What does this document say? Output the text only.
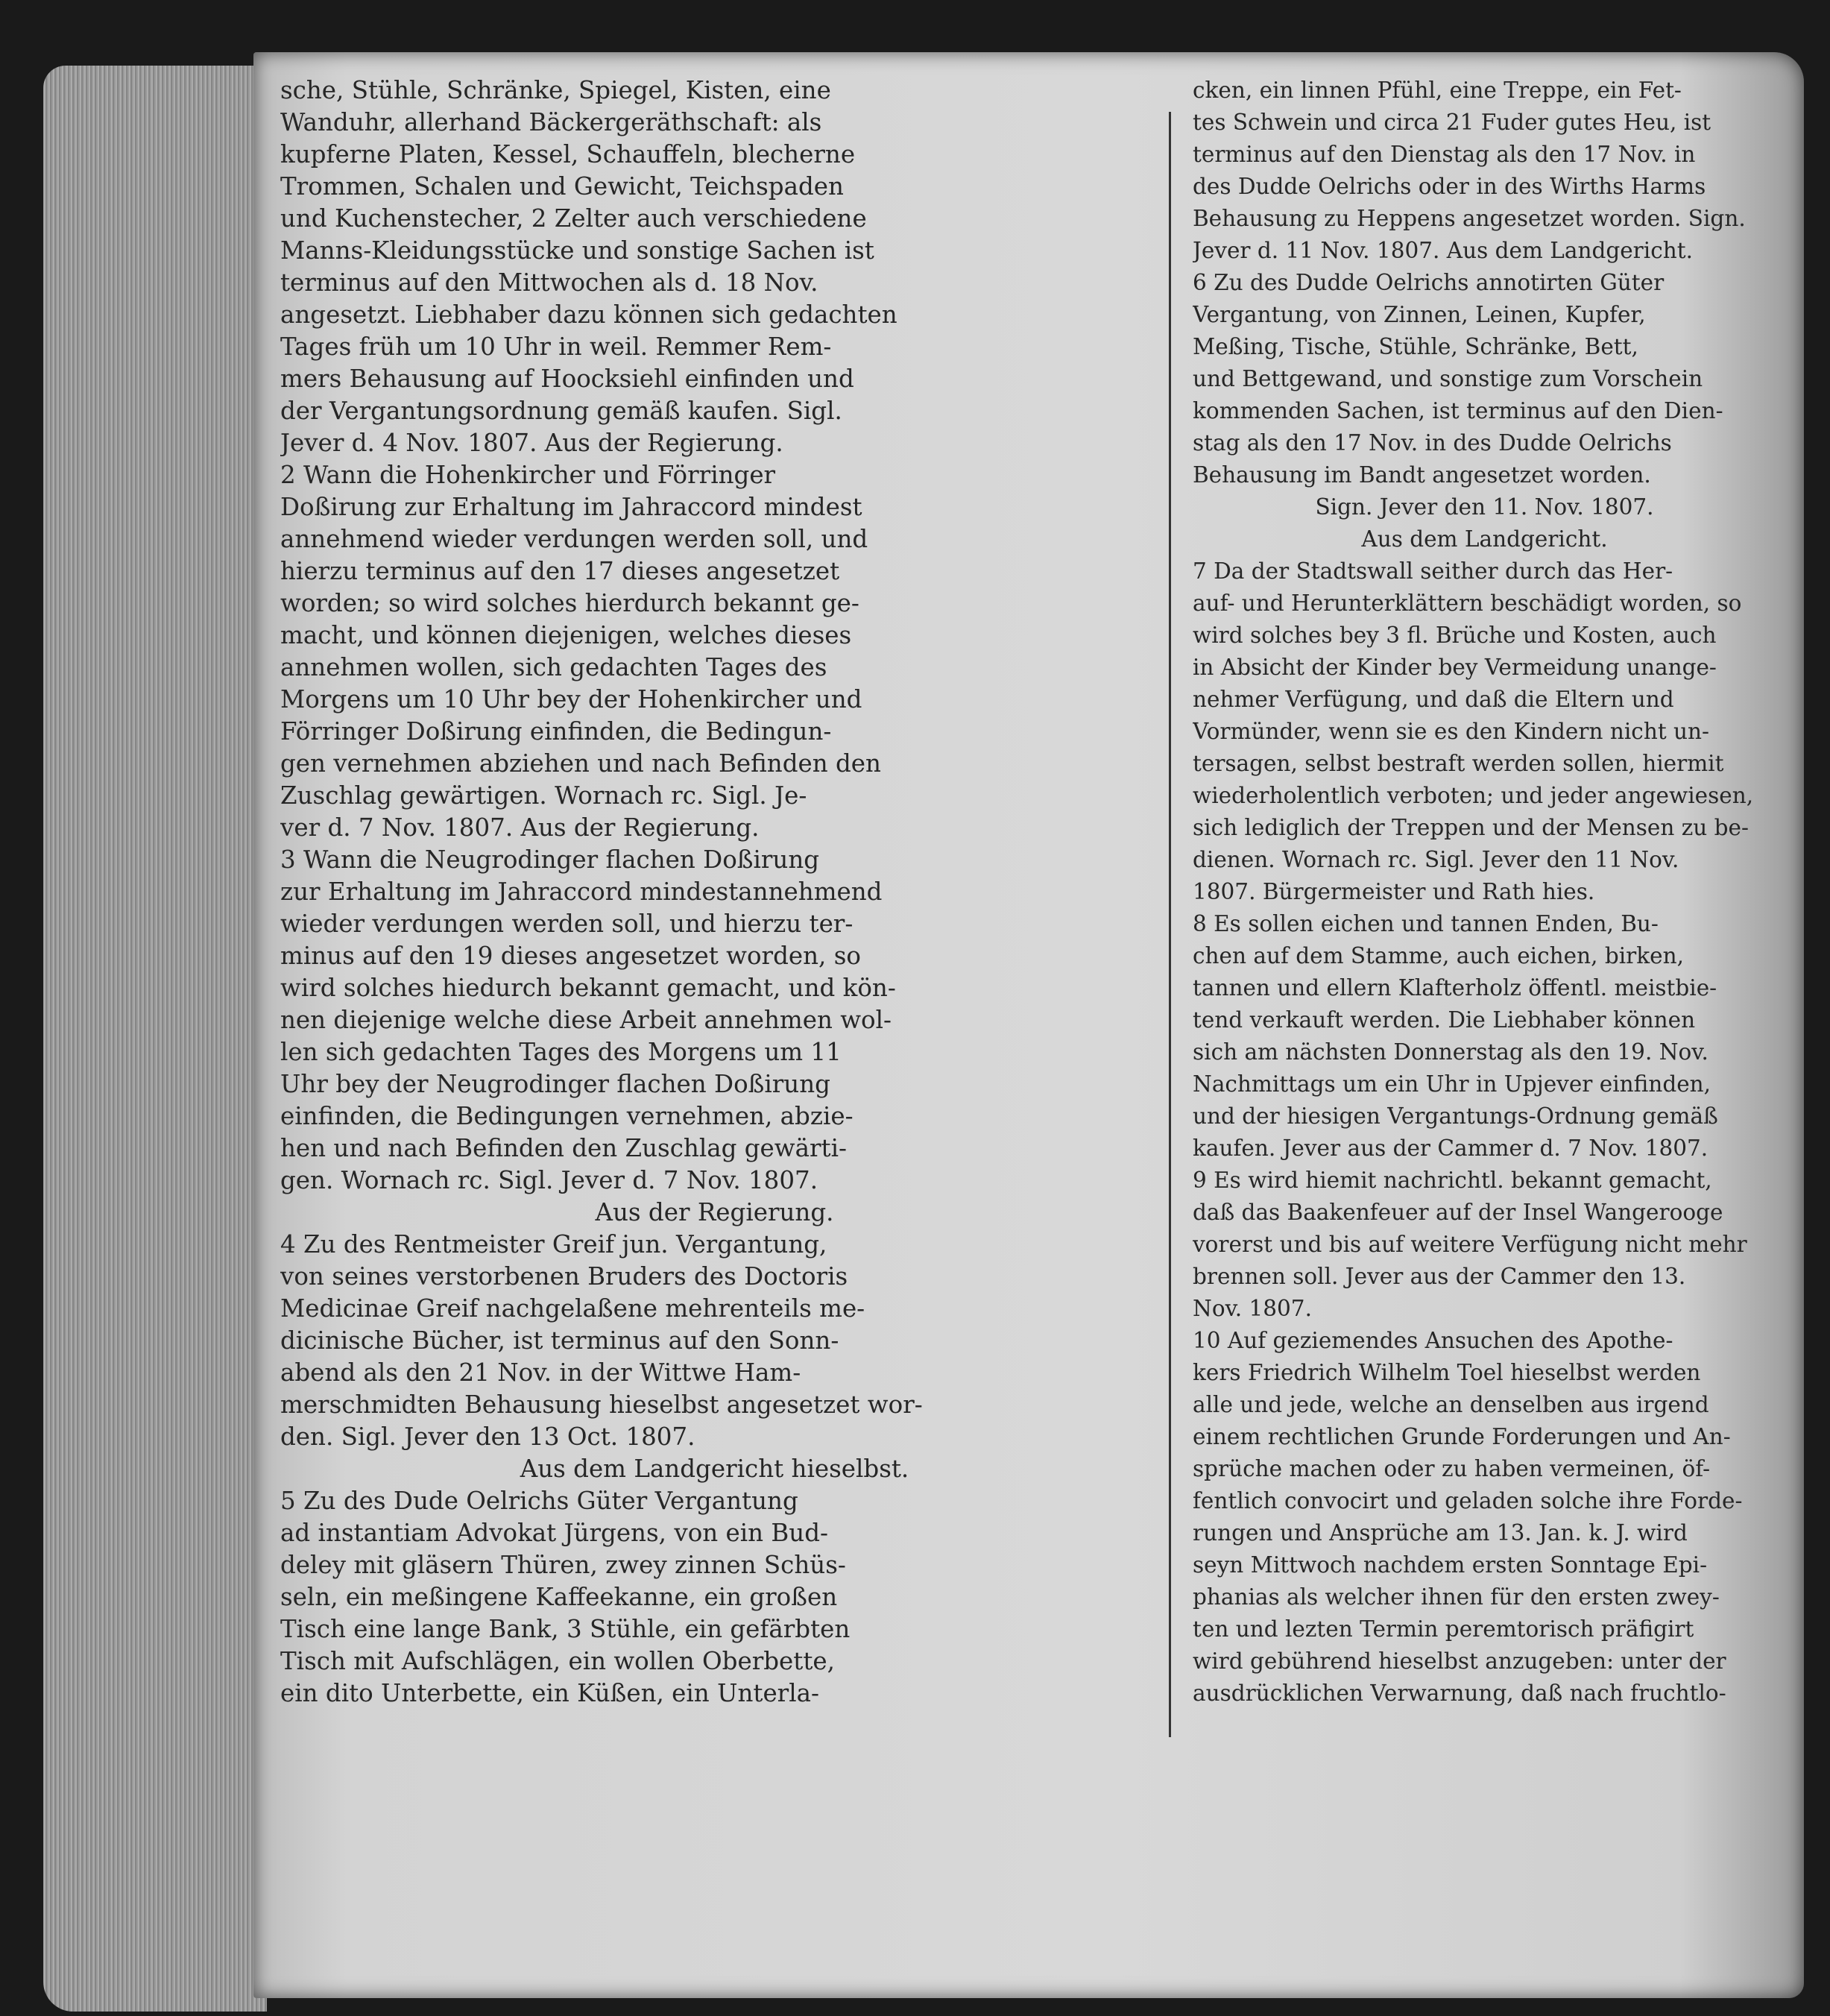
sche, Stühle, Schränke, Spiegel, Kisten, eine
Wanduhr, allerhand Bäckergeräthschaft: als
kupferne Platen, Kessel, Schauffeln, blecherne
Trommen, Schalen und Gewicht, Teichspaden
und Kuchenstecher, 2 Zelter auch verschiedene
Manns-Kleidungsstücke und sonstige Sachen ist
terminus auf den Mittwochen als d. 18 Nov.
angesetzt. Liebhaber dazu können sich gedachten
Tages früh um 10 Uhr in weil. Remmer Rem-
mers Behausung auf Hoocksiehl einfinden und
der Vergantungsordnung gemäß kaufen. Sigl.
Jever d. 4 Nov. 1807. Aus der Regierung.
2 Wann die Hohenkircher und Förringer
Doßirung zur Erhaltung im Jahraccord mindest
annehmend wieder verdungen werden soll, und
hierzu terminus auf den 17 dieses angesetzet
worden; so wird solches hierdurch bekannt ge-
macht, und können diejenigen, welches dieses
annehmen wollen, sich gedachten Tages des
Morgens um 10 Uhr bey der Hohenkircher und
Förringer Doßirung einfinden, die Bedingun-
gen vernehmen abziehen und nach Befinden den
Zuschlag gewärtigen. Wornach rc. Sigl. Je-
ver d. 7 Nov. 1807. Aus der Regierung.
3 Wann die Neugrodinger flachen Doßirung
zur Erhaltung im Jahraccord mindestannehmend
wieder verdungen werden soll, und hierzu ter-
minus auf den 19 dieses angesetzet worden, so
wird solches hiedurch bekannt gemacht, und kön-
nen diejenige welche diese Arbeit annehmen wol-
len sich gedachten Tages des Morgens um 11
Uhr bey der Neugrodinger flachen Doßirung
einfinden, die Bedingungen vernehmen, abzie-
hen und nach Befinden den Zuschlag gewärti-
gen. Wornach rc. Sigl. Jever d. 7 Nov. 1807.
Aus der Regierung.
4 Zu des Rentmeister Greif jun. Vergantung,
von seines verstorbenen Bruders des Doctoris
Medicinae Greif nachgelaßene mehrenteils me-
dicinische Bücher, ist terminus auf den Sonn-
abend als den 21 Nov. in der Wittwe Ham-
merschmidten Behausung hieselbst angesetzet wor-
den. Sigl. Jever den 13 Oct. 1807.
Aus dem Landgericht hieselbst.
5 Zu des Dude Oelrichs Güter Vergantung
ad instantiam Advokat Jürgens, von ein Bud-
deley mit gläsern Thüren, zwey zinnen Schüs-
seln, ein meßingene Kaffeekanne, ein großen
Tisch eine lange Bank, 3 Stühle, ein gefärbten
Tisch mit Aufschlägen, ein wollen Oberbette,
ein dito Unterbette, ein Küßen, ein Unterla-
cken, ein linnen Pfühl, eine Treppe, ein Fet-
tes Schwein und circa 21 Fuder gutes Heu, ist
terminus auf den Dienstag als den 17 Nov. in
des Dudde Oelrichs oder in des Wirths Harms
Behausung zu Heppens angesetzet worden. Sign.
Jever d. 11 Nov. 1807. Aus dem Landgericht.
6 Zu des Dudde Oelrichs annotirten Güter
Vergantung, von Zinnen, Leinen, Kupfer,
Meßing, Tische, Stühle, Schränke, Bett,
und Bettgewand, und sonstige zum Vorschein
kommenden Sachen, ist terminus auf den Dien-
stag als den 17 Nov. in des Dudde Oelrichs
Behausung im Bandt angesetzet worden.
Sign. Jever den 11. Nov. 1807.
Aus dem Landgericht.
7 Da der Stadtswall seither durch das Her-
auf- und Herunterklättern beschädigt worden, so
wird solches bey 3 fl. Brüche und Kosten, auch
in Absicht der Kinder bey Vermeidung unange-
nehmer Verfügung, und daß die Eltern und
Vormünder, wenn sie es den Kindern nicht un-
tersagen, selbst bestraft werden sollen, hiermit
wiederholentlich verboten; und jeder angewiesen,
sich lediglich der Treppen und der Mensen zu be-
dienen. Wornach rc. Sigl. Jever den 11 Nov.
1807. Bürgermeister und Rath hies.
8 Es sollen eichen und tannen Enden, Bu-
chen auf dem Stamme, auch eichen, birken,
tannen und ellern Klafterholz öffentl. meistbie-
tend verkauft werden. Die Liebhaber können
sich am nächsten Donnerstag als den 19. Nov.
Nachmittags um ein Uhr in Upjever einfinden,
und der hiesigen Vergantungs-Ordnung gemäß
kaufen. Jever aus der Cammer d. 7 Nov. 1807.
9 Es wird hiemit nachrichtl. bekannt gemacht,
daß das Baakenfeuer auf der Insel Wangerooge
vorerst und bis auf weitere Verfügung nicht mehr
brennen soll. Jever aus der Cammer den 13.
Nov. 1807.
10 Auf geziemendes Ansuchen des Apothe-
kers Friedrich Wilhelm Toel hieselbst werden
alle und jede, welche an denselben aus irgend
einem rechtlichen Grunde Forderungen und An-
sprüche machen oder zu haben vermeinen, öf-
fentlich convocirt und geladen solche ihre Forde-
rungen und Ansprüche am 13. Jan. k. J. wird
seyn Mittwoch nachdem ersten Sonntage Epi-
phanias als welcher ihnen für den ersten zwey-
ten und lezten Termin peremtorisch präfigirt
wird gebührend hieselbst anzugeben: unter der
ausdrücklichen Verwarnung, daß nach fruchtlo-
